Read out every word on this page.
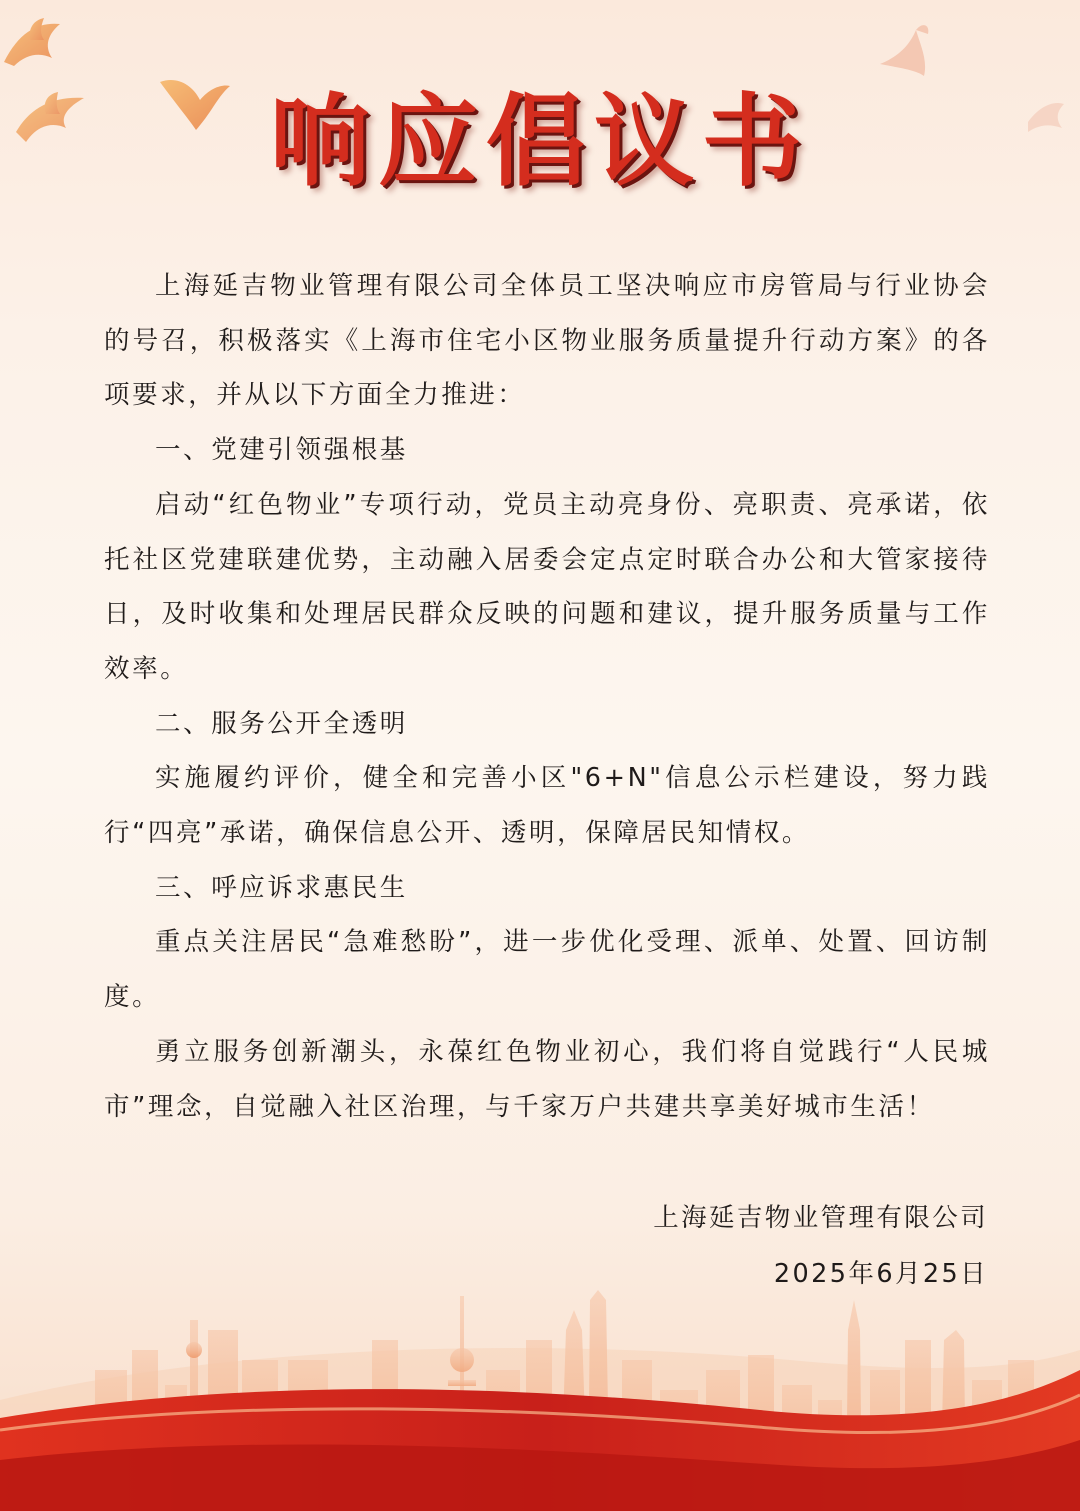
响应倡议书

上海延吉物业管理有限公司全体员工坚决响应市房管局与行业协会的号召，积极落实《上海市住宅小区物业服务质量提升行动方案》的各项要求，并从以下方面全力推进：

一、党建引领强根基

启动“红色物业”专项行动，党员主动亮身份、亮职责、亮承诺，依托社区党建联建优势，主动融入居委会定点定时联合办公和大管家接待日，及时收集和处理居民群众反映的问题和建议，提升服务质量与工作效率。

二、服务公开全透明

实施履约评价，健全和完善小区"6+N"信息公示栏建设，努力践行“四亮”承诺，确保信息公开、透明，保障居民知情权。

三、呼应诉求惠民生

重点关注居民“急难愁盼”，进一步优化受理、派单、处置、回访制度。

勇立服务创新潮头，永葆红色物业初心，我们将自觉践行“人民城市”理念，自觉融入社区治理，与千家万户共建共享美好城市生活！

上海延吉物业管理有限公司
2025年6月25日
